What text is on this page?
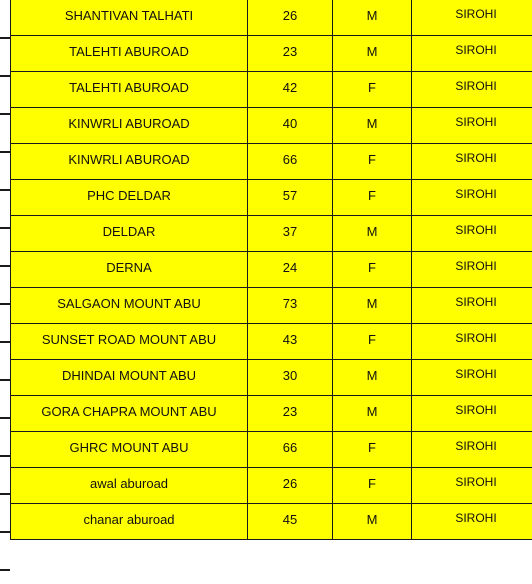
SHANTIVAN TALHATI	26	M	SIROHI

TALEHTI ABUROAD	23	M	SIROHI

TALEHTI ABUROAD	42	F	SIROHI

KINWRLI ABUROAD	40	M	SIROHI

KINWRLI ABUROAD	66	F	SIROHI

PHC DELDAR	57	F	SIROHI

DELDAR	37	M	SIROHI

DERNA	24	F	SIROHI

SALGAON MOUNT ABU	73	M	SIROHI

SUNSET ROAD MOUNT ABU	43	F	SIROHI

DHINDAI MOUNT ABU	30	M	SIROHI

GORA CHAPRA MOUNT ABU	23	M	SIROHI

GHRC MOUNT ABU	66	F	SIROHI

awal aburoad	26	F	SIROHI

chanar aburoad	45	M	SIROHI
